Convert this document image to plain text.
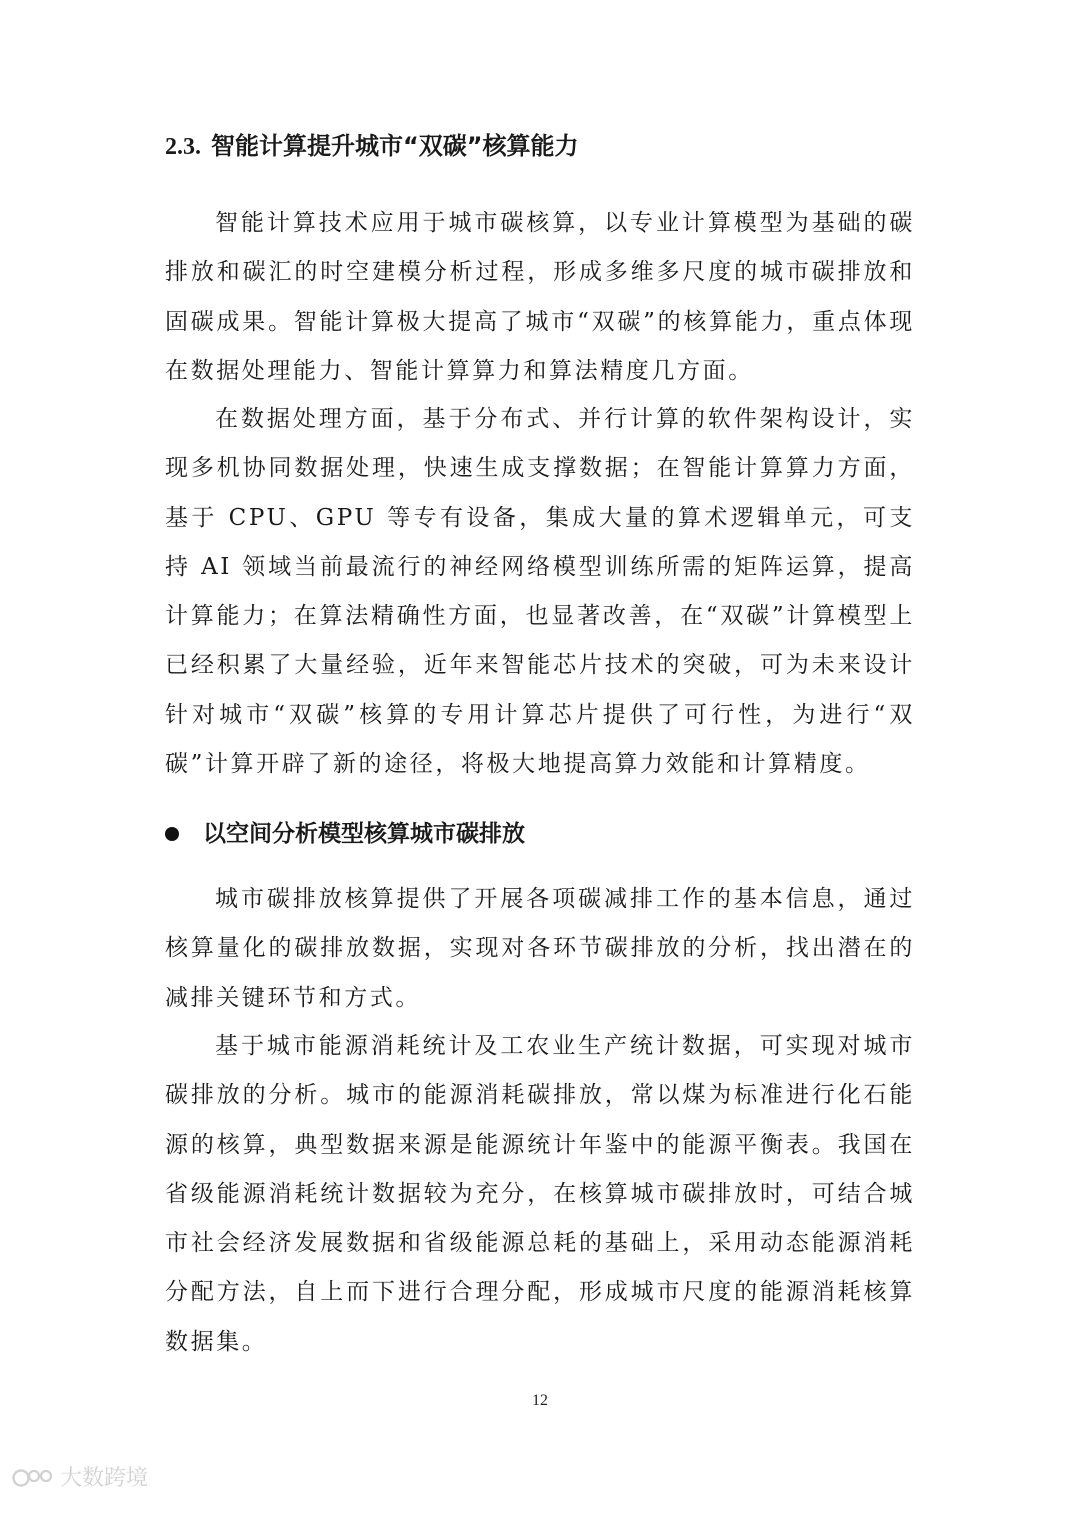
2.3. 智能计算提升城市“双碳”核算能力

智能计算技术应用于城市碳核算，以专业计算模型为基础的碳排放和碳汇的时空建模分析过程，形成多维多尺度的城市碳排放和固碳成果。智能计算极大提高了城市“双碳”的核算能力，重点体现在数据处理能力、智能计算算力和算法精度几方面。

在数据处理方面，基于分布式、并行计算的软件架构设计，实现多机协同数据处理，快速生成支撑数据；在智能计算算力方面，基于 CPU、GPU 等专有设备，集成大量的算术逻辑单元，可支持 AI 领域当前最流行的神经网络模型训练所需的矩阵运算，提高计算能力；在算法精确性方面，也显著改善，在“双碳”计算模型上已经积累了大量经验，近年来智能芯片技术的突破，可为未来设计针对城市“双碳”核算的专用计算芯片提供了可行性，为进行“双碳”计算开辟了新的途径，将极大地提高算力效能和计算精度。

以空间分析模型核算城市碳排放

城市碳排放核算提供了开展各项碳减排工作的基本信息，通过核算量化的碳排放数据，实现对各环节碳排放的分析，找出潜在的减排关键环节和方式。

基于城市能源消耗统计及工农业生产统计数据，可实现对城市碳排放的分析。城市的能源消耗碳排放，常以煤为标准进行化石能源的核算，典型数据来源是能源统计年鉴中的能源平衡表。我国在省级能源消耗统计数据较为充分，在核算城市碳排放时，可结合城市社会经济发展数据和省级能源总耗的基础上，采用动态能源消耗分配方法，自上而下进行合理分配，形成城市尺度的能源消耗核算数据集。

12
大数跨境
